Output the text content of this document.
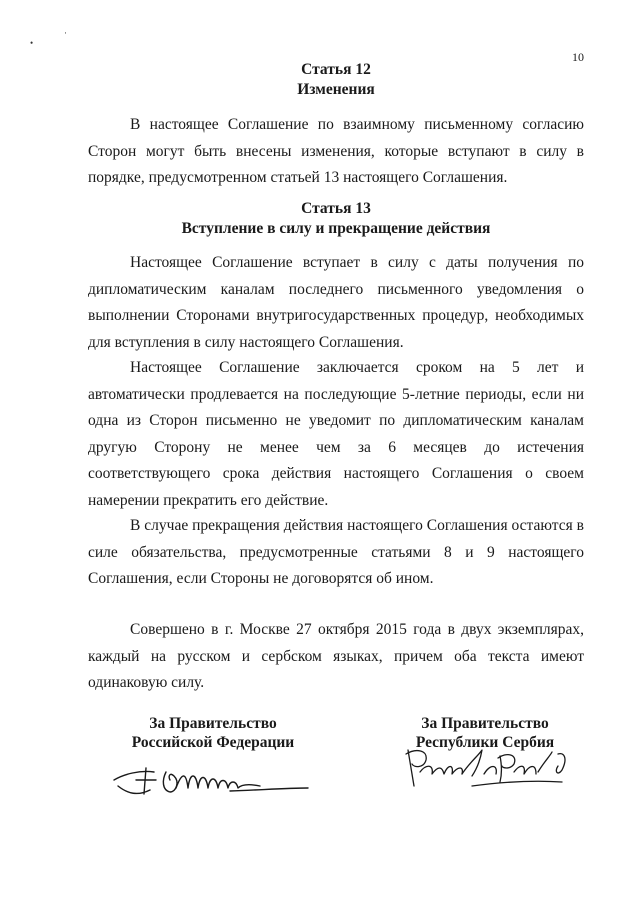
•
·
10
Статья 12
Изменения

В настоящее Соглашение по взаимному письменному согласию Сторон могут быть внесены изменения, которые вступают в силу в порядке, предусмотренном статьей 13 настоящего Соглашения.

Статья 13
Вступление в силу и прекращение действия

Настоящее Соглашение вступает в силу с даты получения по дипломатическим каналам последнего письменного уведомления о выполнении Сторонами внутригосударственных процедур, необходимых для вступления в силу настоящего Соглашения.

Настоящее Соглашение заключается сроком на 5 лет и автоматически продлевается на последующие 5-летние периоды, если ни одна из Сторон письменно не уведомит по дипломатическим каналам другую Сторону не менее чем за 6 месяцев до истечения соответствующего срока действия настоящего Соглашения о своем намерении прекратить его действие.

В случае прекращения действия настоящего Соглашения остаются в силе обязательства, предусмотренные статьями 8 и 9 настоящего Соглашения, если Стороны не договорятся об ином.

Совершено в г. Москве 27 октября 2015 года в двух экземплярах, каждый на русском и сербском языках, причем оба текста имеют одинаковую силу.

За Правительство
Российской Федерации
За Правительство
Республики Сербия
